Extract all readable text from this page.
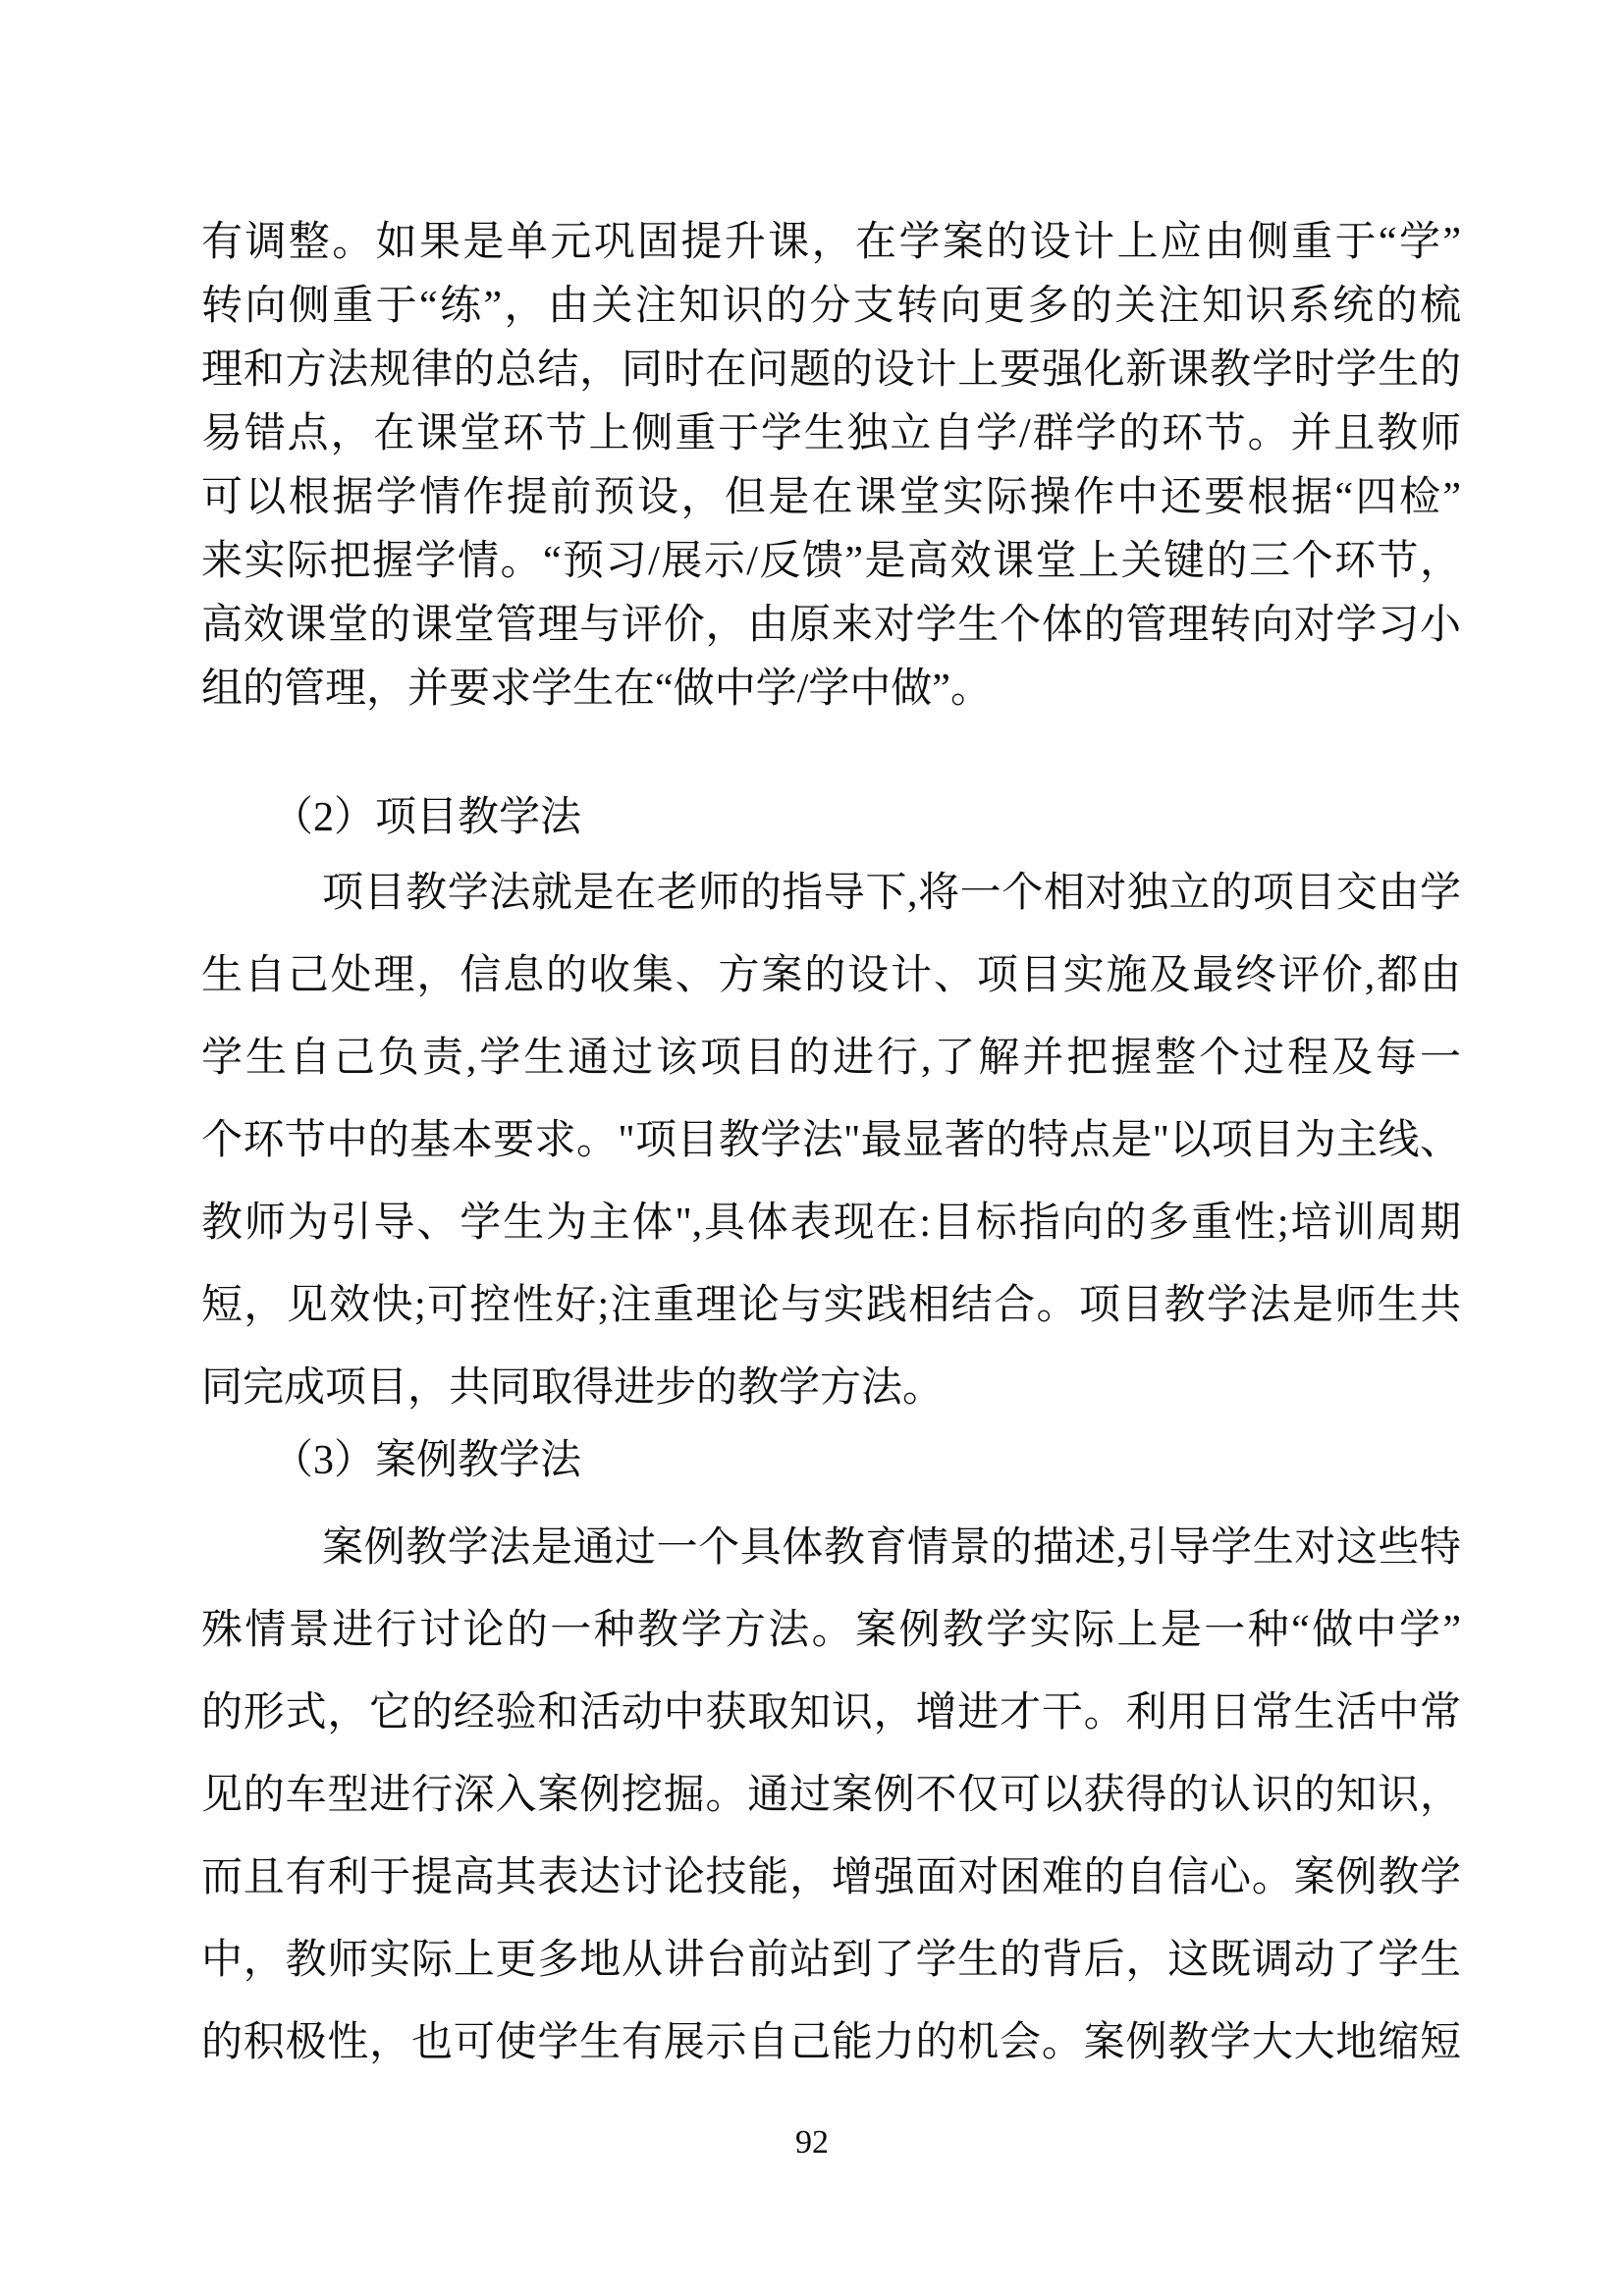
有调整。如果是单元巩固提升课，在学案的设计上应由侧重于“学”
转向侧重于“练”，由关注知识的分支转向更多的关注知识系统的梳
理和方法规律的总结，同时在问题的设计上要强化新课教学时学生的
易错点，在课堂环节上侧重于学生独立自学/群学的环节。并且教师
可以根据学情作提前预设，但是在课堂实际操作中还要根据“四检”
来实际把握学情。“预习/展示/反馈”是高效课堂上关键的三个环节，
高效课堂的课堂管理与评价，由原来对学生个体的管理转向对学习小
组的管理，并要求学生在“做中学/学中做”。
（2）项目教学法
项目教学法就是在老师的指导下,将一个相对独立的项目交由学
生自己处理，信息的收集、方案的设计、项目实施及最终评价,都由
学生自己负责,学生通过该项目的进行,了解并把握整个过程及每一
个环节中的基本要求。"项目教学法"最显著的特点是"以项目为主线、
教师为引导、学生为主体",具体表现在:目标指向的多重性;培训周期
短，见效快;可控性好;注重理论与实践相结合。项目教学法是师生共
同完成项目，共同取得进步的教学方法。
（3）案例教学法
案例教学法是通过一个具体教育情景的描述,引导学生对这些特
殊情景进行讨论的一种教学方法。案例教学实际上是一种“做中学”
的形式，它的经验和活动中获取知识，增进才干。利用日常生活中常
见的车型进行深入案例挖掘。通过案例不仅可以获得的认识的知识，
而且有利于提高其表达讨论技能，增强面对困难的自信心。案例教学
中，教师实际上更多地从讲台前站到了学生的背后，这既调动了学生
的积极性，也可使学生有展示自己能力的机会。案例教学大大地缩短
92
